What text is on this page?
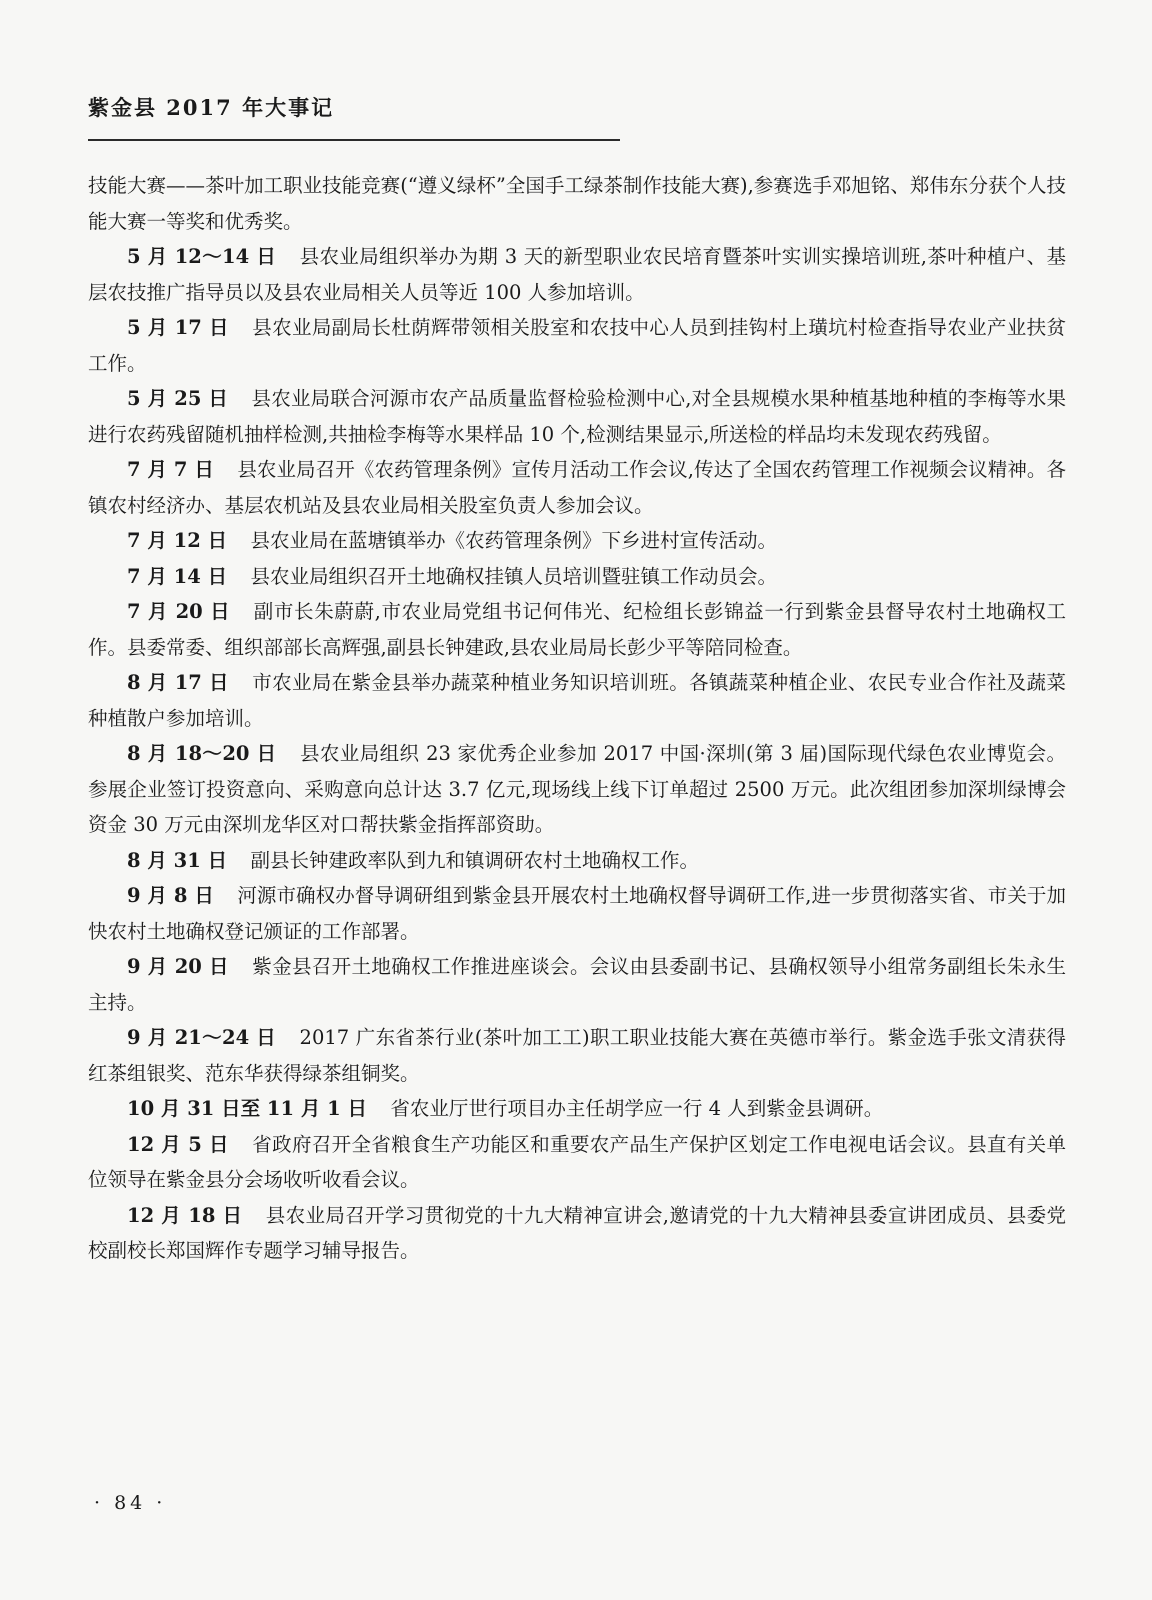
紫金县 2017 年大事记

技能大赛——茶叶加工职业技能竞赛(“遵义绿杯”全国手工绿茶制作技能大赛),参赛选手邓旭铭、郑伟东分获个人技能大赛一等奖和优秀奖。

5 月 12～14 日 县农业局组织举办为期 3 天的新型职业农民培育暨茶叶实训实操培训班,茶叶种植户、基层农技推广指导员以及县农业局相关人员等近 100 人参加培训。

5 月 17 日 县农业局副局长杜荫辉带领相关股室和农技中心人员到挂钩村上璜坑村检查指导农业产业扶贫工作。

5 月 25 日 县农业局联合河源市农产品质量监督检验检测中心,对全县规模水果种植基地种植的李梅等水果进行农药残留随机抽样检测,共抽检李梅等水果样品 10 个,检测结果显示,所送检的样品均未发现农药残留。

7 月 7 日 县农业局召开《农药管理条例》宣传月活动工作会议,传达了全国农药管理工作视频会议精神。各镇农村经济办、基层农机站及县农业局相关股室负责人参加会议。

7 月 12 日 县农业局在蓝塘镇举办《农药管理条例》下乡进村宣传活动。

7 月 14 日 县农业局组织召开土地确权挂镇人员培训暨驻镇工作动员会。

7 月 20 日 副市长朱蔚蔚,市农业局党组书记何伟光、纪检组长彭锦益一行到紫金县督导农村土地确权工作。县委常委、组织部部长高辉强,副县长钟建政,县农业局局长彭少平等陪同检查。

8 月 17 日 市农业局在紫金县举办蔬菜种植业务知识培训班。各镇蔬菜种植企业、农民专业合作社及蔬菜种植散户参加培训。

8 月 18～20 日 县农业局组织 23 家优秀企业参加 2017 中国·深圳(第 3 届)国际现代绿色农业博览会。参展企业签订投资意向、采购意向总计达 3.7 亿元,现场线上线下订单超过 2500 万元。此次组团参加深圳绿博会资金 30 万元由深圳龙华区对口帮扶紫金指挥部资助。

8 月 31 日 副县长钟建政率队到九和镇调研农村土地确权工作。

9 月 8 日 河源市确权办督导调研组到紫金县开展农村土地确权督导调研工作,进一步贯彻落实省、市关于加快农村土地确权登记颁证的工作部署。

9 月 20 日 紫金县召开土地确权工作推进座谈会。会议由县委副书记、县确权领导小组常务副组长朱永生主持。

9 月 21～24 日 2017 广东省茶行业(茶叶加工工)职工职业技能大赛在英德市举行。紫金选手张文清获得红茶组银奖、范东华获得绿茶组铜奖。

10 月 31 日至 11 月 1 日 省农业厅世行项目办主任胡学应一行 4 人到紫金县调研。

12 月 5 日 省政府召开全省粮食生产功能区和重要农产品生产保护区划定工作电视电话会议。县直有关单位领导在紫金县分会场收听收看会议。

12 月 18 日 县农业局召开学习贯彻党的十九大精神宣讲会,邀请党的十九大精神县委宣讲团成员、县委党校副校长郑国辉作专题学习辅导报告。

· 84 ·
